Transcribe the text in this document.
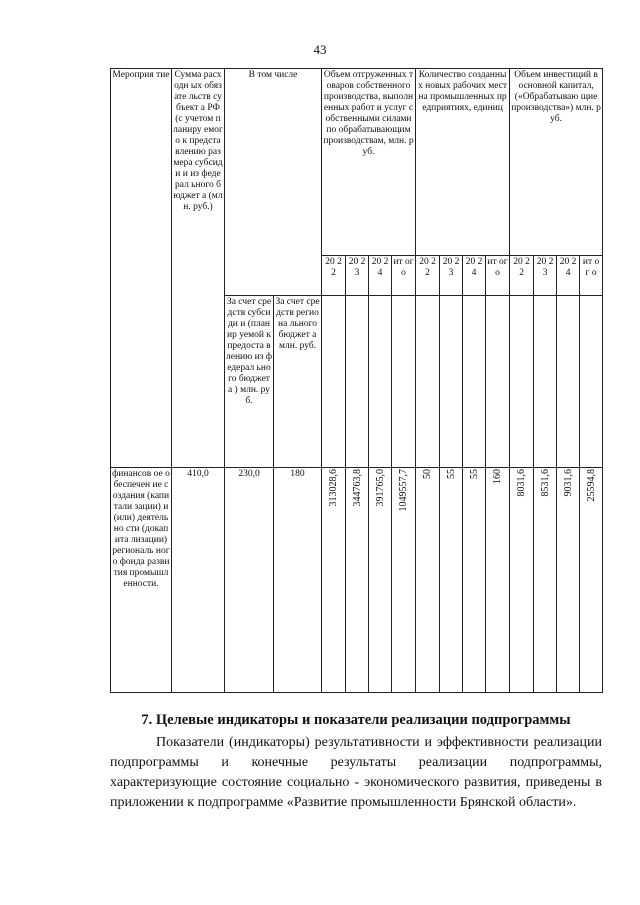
43
Мероприя тие	Сумма расходн ых обязате льств субъект а РФ (с учетом планиру емого к предста влению размера субсиди и из федерал ьного бюджет а (млн. руб.)	В том числе		Объем отгруженных товаров собственного производства, выполненных работ и услуг собственными силами по обрабатывающим производствам, млн. руб.				Количество созданных новых рабочих мест на промышленных предприятиях, единиц				Объем инвестиций в основной капитал, («Обрабатываю щие производства») млн. руб.			
				20 22	20 23	20 24	ит ог о	20 22	20 23	20 24	ит ог о	20 22	20 23	20 24	ит ог о
		За счет средств субсиди и (планир уемой к предоста влению из федерал ьного бюджета ) млн. руб.	За счет средств региона льного бюджет а млн. руб.												
финансов ое обеспечен ие создания (капитали зации) и (или) деятельно сти (докапита лизации) региональ ного фонда развития промышл енности.	410,0	230,0	180	313028,6	344763,8	391765,0	1049557,7	50	55	55	160	8031,6	8531,6	9031,6	25594,8
7. Целевые индикаторы и показатели реализации подпрограммы
Показатели (индикаторы) результативности и эффективности реализации подпрограммы и конечные результаты реализации подпрограммы, характеризующие состояние социально - экономического развития, приведены в приложении к подпрограмме «Развитие промышленности Брянской области».
